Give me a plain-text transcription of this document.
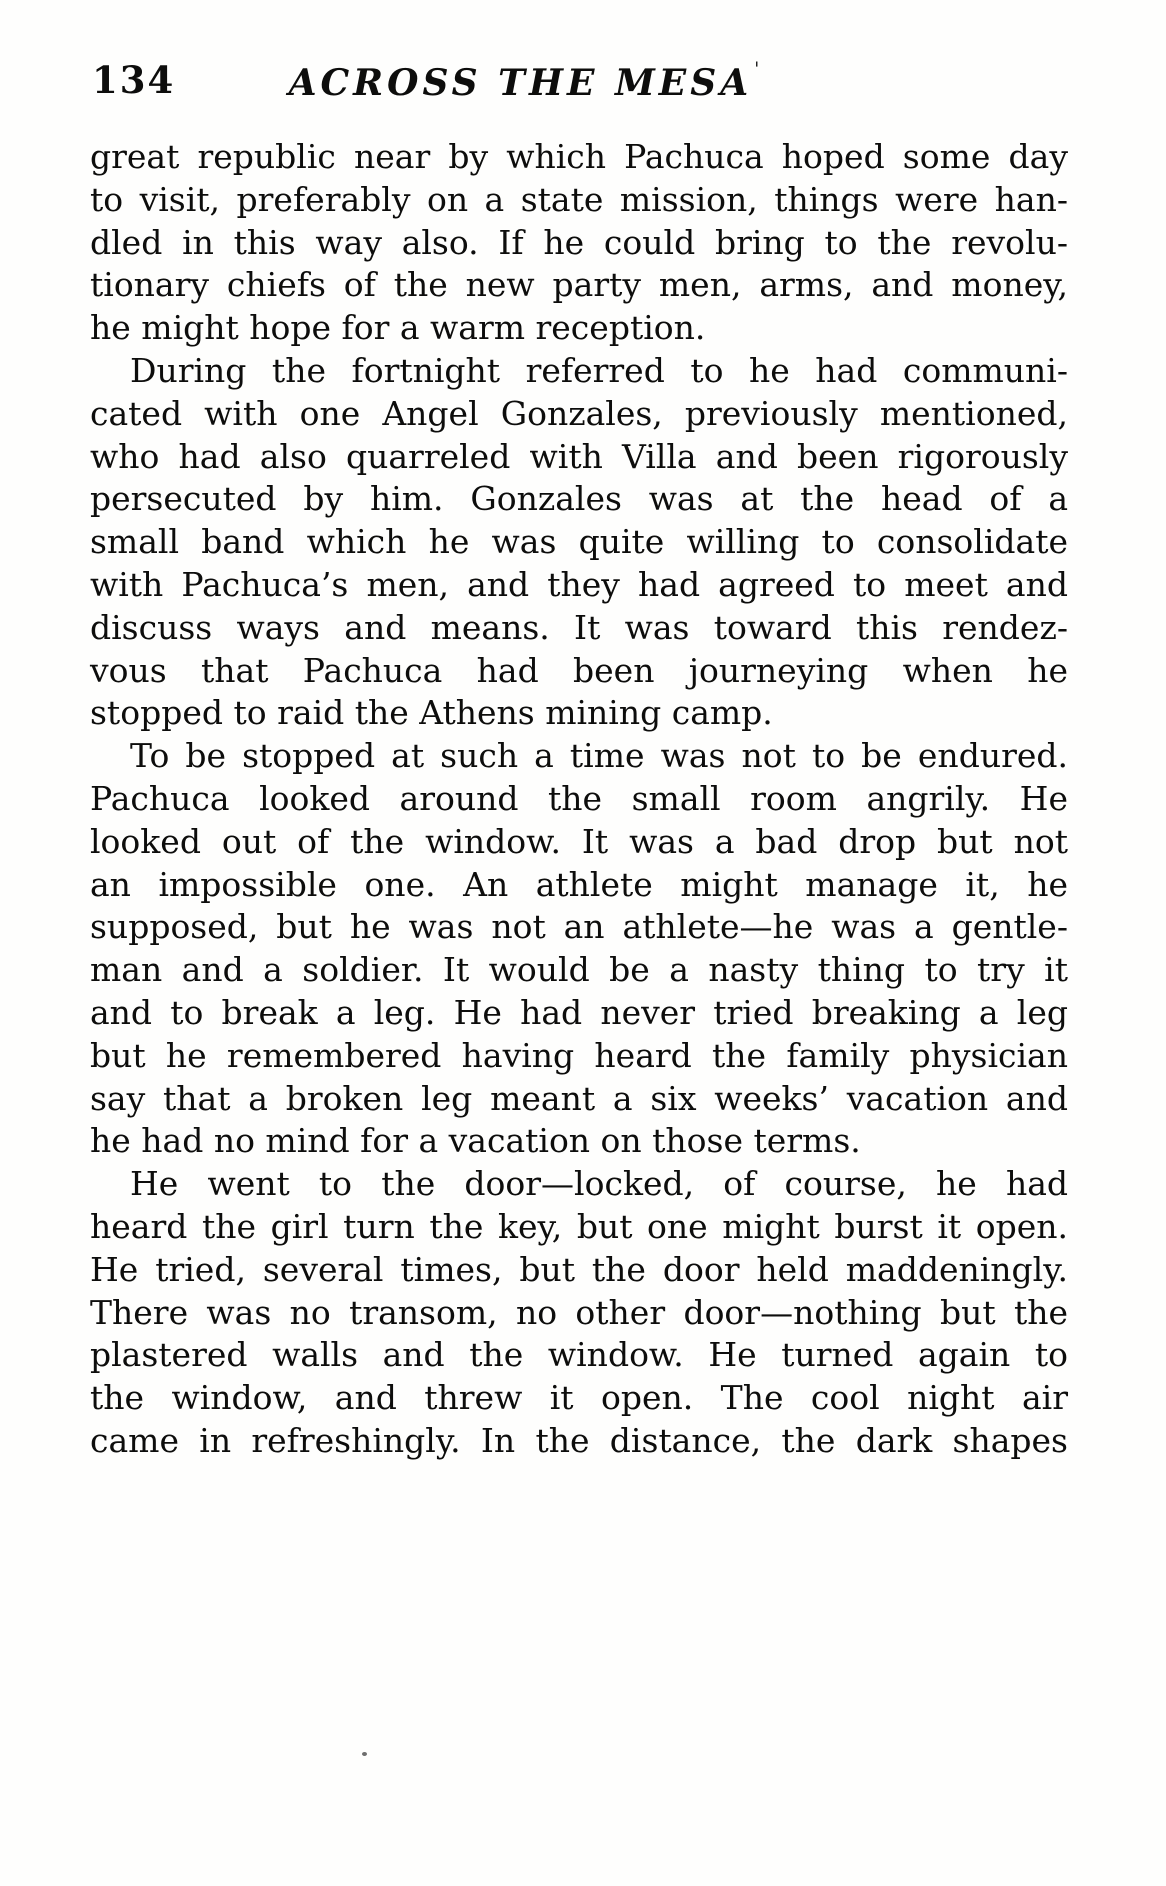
134	ACROSS THE MESA '
great republic near by which Pachuca hoped some day
to visit, preferably on a state mission, things were han-
dled in this way also. If he could bring to the revolu-
tionary chiefs of the new party men, arms, and money,
he might hope for a warm reception.
During the fortnight referred to he had communi-
cated with one Angel Gonzales, previously mentioned,
who had also quarreled with Villa and been rigorously
persecuted by him. Gonzales was at the head of a
small band which he was quite willing to consolidate
with Pachuca’s men, and they had agreed to meet and
discuss ways and means. It was toward this rendez-
vous that Pachuca had been journeying when he
stopped to raid the Athens mining camp.
To be stopped at such a time was not to be endured.
Pachuca looked around the small room angrily. He
looked out of the window. It was a bad drop but not
an impossible one. An athlete might manage it, he
supposed, but he was not an athlete—he was a gentle-
man and a soldier. It would be a nasty thing to try it
and to break a leg. He had never tried breaking a leg
but he remembered having heard the family physician
say that a broken leg meant a six weeks’ vacation and
he had no mind for a vacation on those terms.
He went to the door—locked, of course, he had
heard the girl turn the key, but one might burst it open.
He tried, several times, but the door held maddeningly.
There was no transom, no other door—nothing but the
plastered walls and the window. He turned again to
the window, and threw it open. The cool night air
came in refreshingly. In the distance, the dark shapes
